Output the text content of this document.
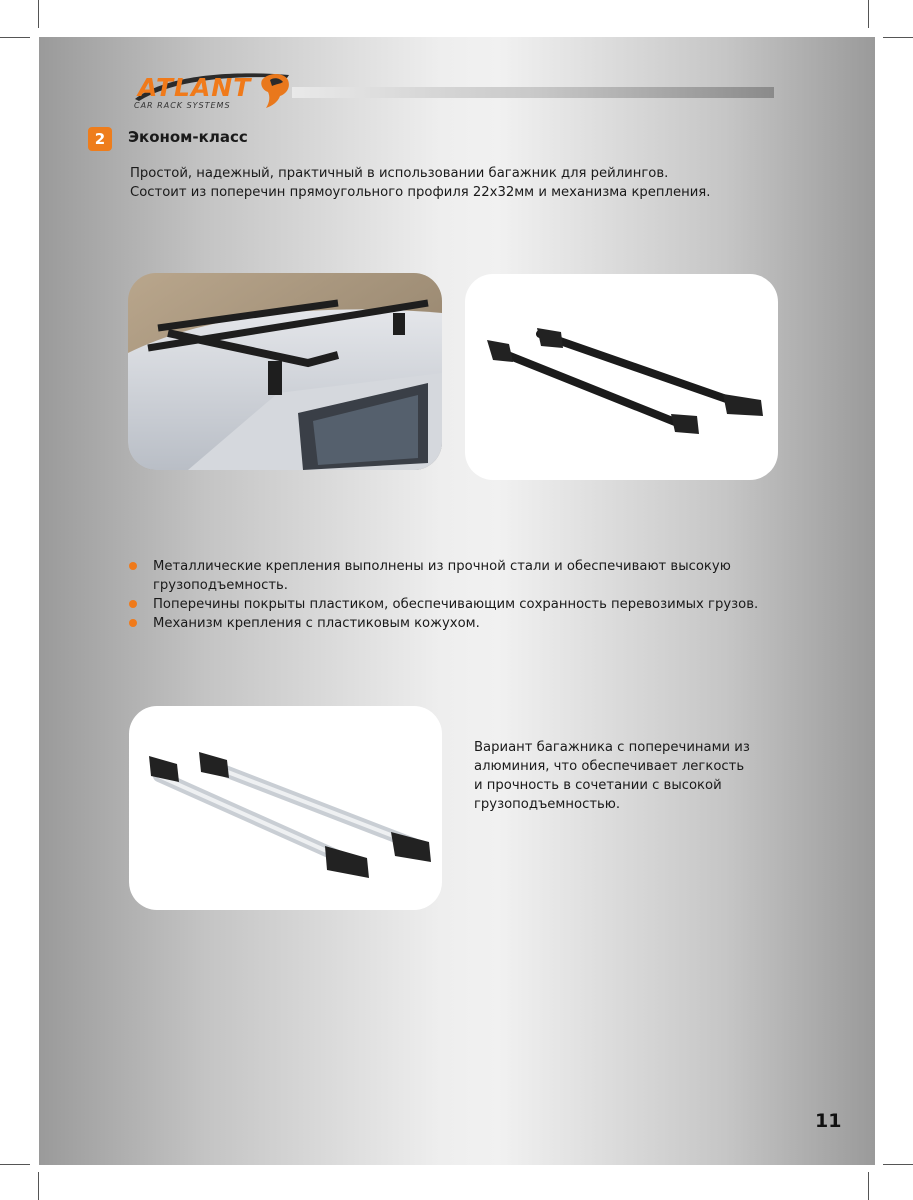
ATLANT
CAR RACK SYSTEMS
2	Эконом-класс
Простой, надежный, практичный в использовании багажник для рейлингов.
Состоит из поперечин прямоугольного профиля 22х32мм и механизма крепления.
Металлические крепления выполнены из прочной стали и обеспечивают высокую грузоподъемность.
Поперечины покрыты пластиком, обеспечивающим сохранность перевозимых грузов.
Механизм крепления с пластиковым кожухом.
Вариант багажника с поперечинами из
алюминия, что обеспечивает легкость
и прочность в сочетании с высокой
грузоподъемностью.
11
